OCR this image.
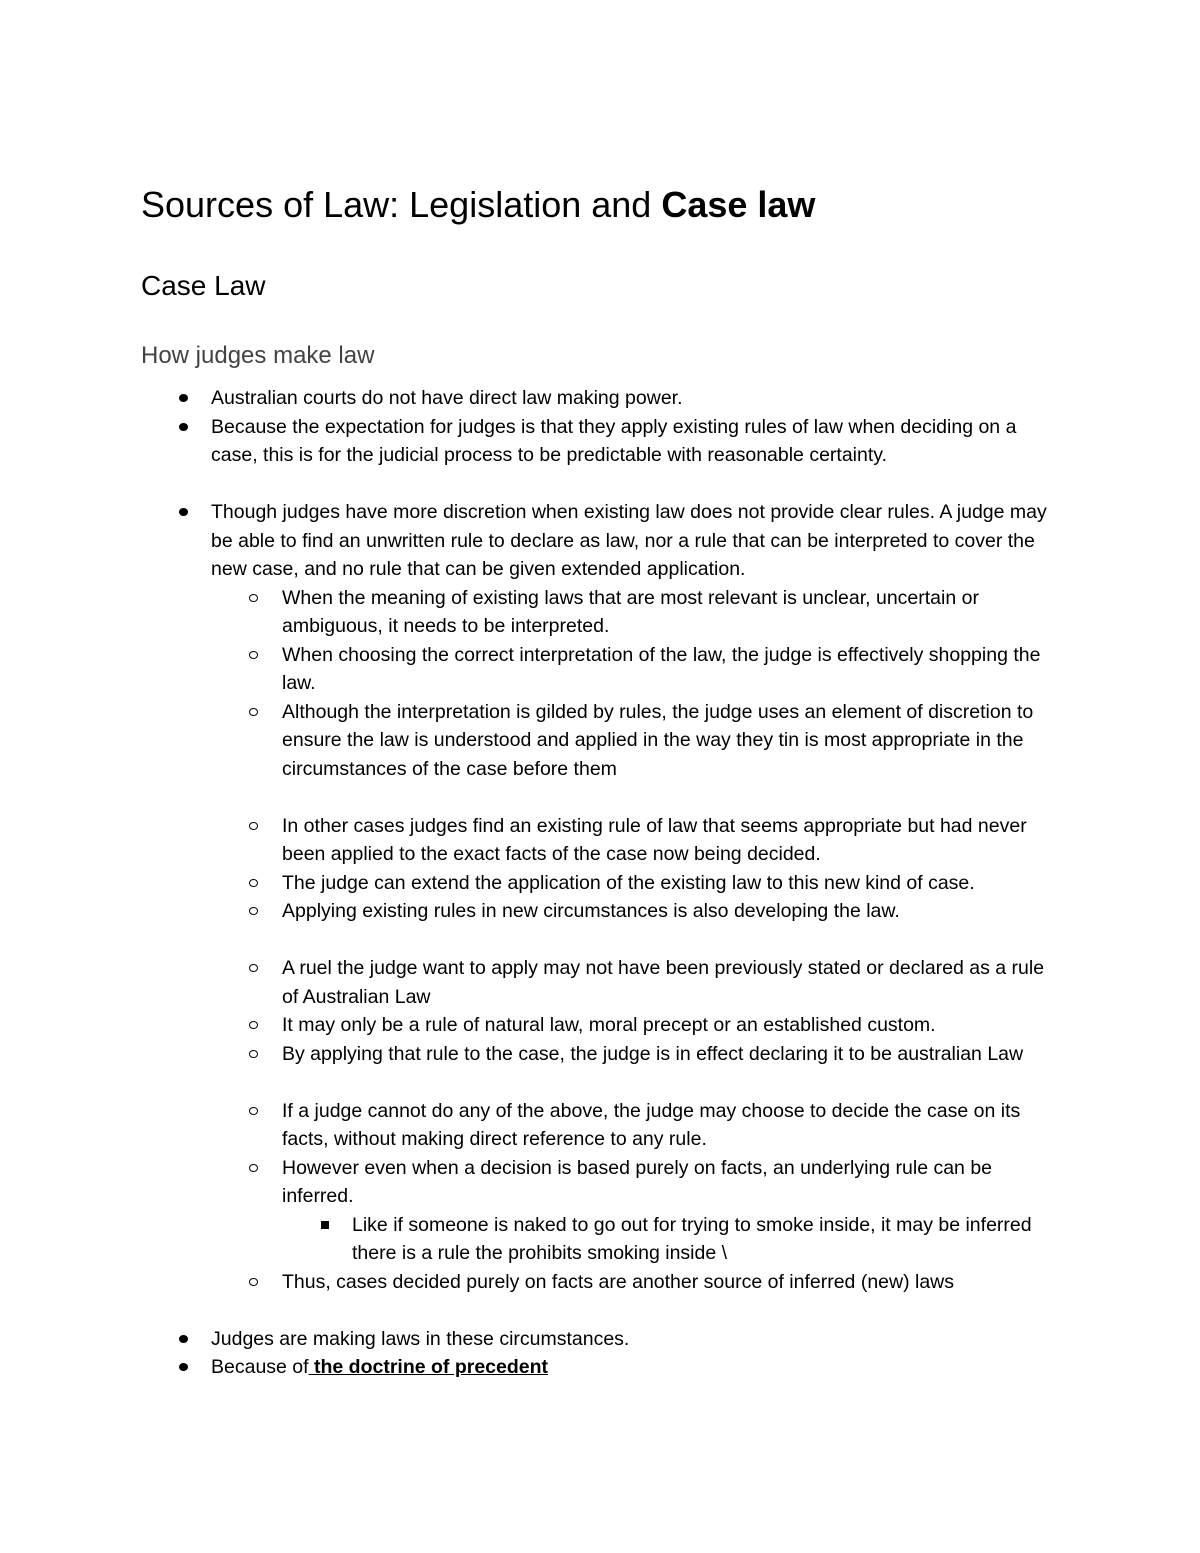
Sources of Law: Legislation and Case law
Case Law
How judges make law
Australian courts do not have direct law making power.
Because the expectation for judges is that they apply existing rules of law when deciding on a case, this is for the judicial process to be predictable with reasonable certainty.
Though judges have more discretion when existing law does not provide clear rules. A judge may be able to find an unwritten rule to declare as law, nor a rule that can be interpreted to cover the new case, and no rule that can be given extended application.
When the meaning of existing laws that are most relevant is unclear, uncertain or ambiguous, it needs to be interpreted.
When choosing the correct interpretation of the law, the judge is effectively shopping the law.
Although the interpretation is gilded by rules, the judge uses an element of discretion to ensure the law is understood and applied in the way they tin is most appropriate in the circumstances of the case before them
In other cases judges find an existing rule of law that seems appropriate but had never been applied to the exact facts of the case now being decided.
The judge can extend the application of the existing law to this new kind of case.
Applying existing rules in new circumstances is also developing the law.
A ruel the judge want to apply may not have been previously stated or declared as a rule of Australian Law
It may only be a rule of natural law, moral precept or an established custom.
By applying that rule to the case, the judge is in effect declaring it to be australian Law
If a judge cannot do any of the above, the judge may choose to decide the case on its facts, without making direct reference to any rule.
However even when a decision is based purely on facts, an underlying rule can be inferred.
Like if someone is naked to go out for trying to smoke inside, it may be inferred there is a rule the prohibits smoking inside \
Thus, cases decided purely on facts are another source of inferred (new) laws
Judges are making laws in these circumstances.
Because of the doctrine of precedent
